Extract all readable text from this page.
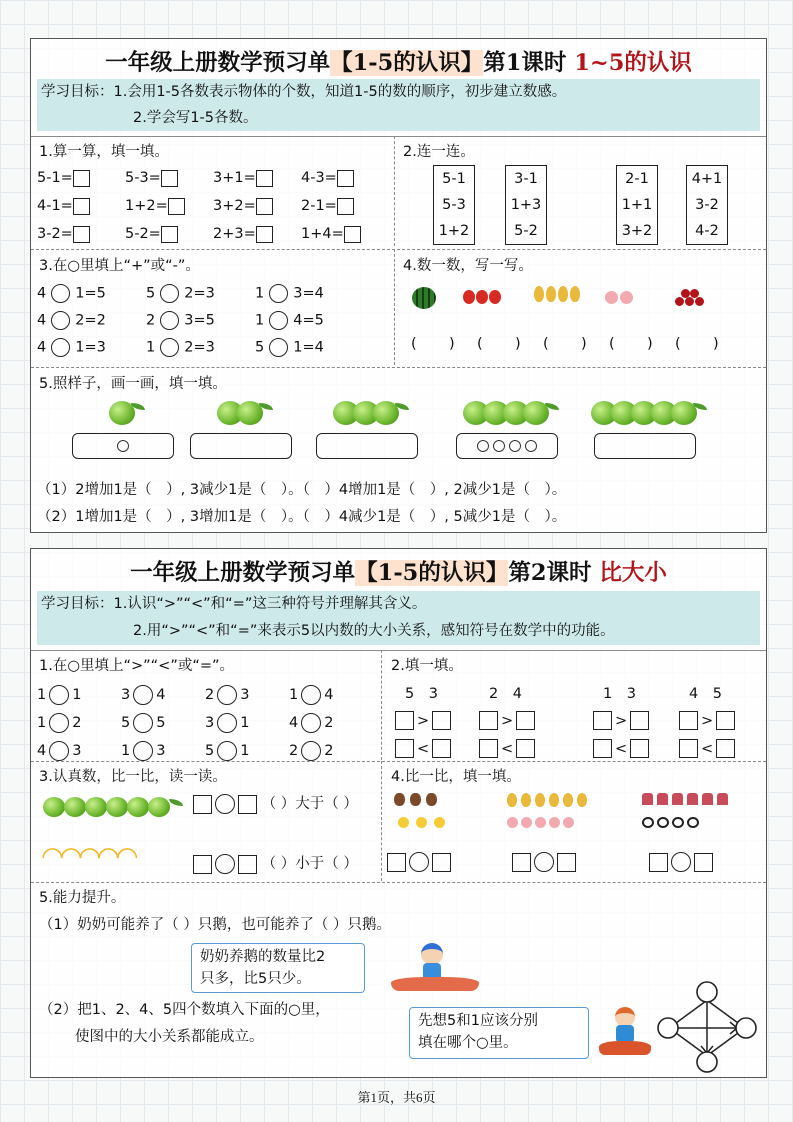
一年级上册数学预习单【1-5的认识】第1课时 1~5的认识
学习目标：1.会用1-5各数表示物体的个数，知道1-5的数的顺序，初步建立数感。
2.学会写1-5各数。
1.算一算，填一填。
5-1=	5-3=	3+1=	4-3=
4-1=	1+2=	3+2=	2-1=
3-2=	5-2=	2+3=	1+4=
2.连一连。
5-1
5-3
1+2
3-1
1+3
5-2
2-1
1+1
3+2
4+1
3-2
4-2
3.在○里填上“+”或“-”。
4 1=5	5 2=3	1 3=4
4 2=2	2 3=5	1 4=5
4 1=3	1 2=3	5 1=4
4.数一数，写一写。
( ) ( ) ( ) ( ) ( )
5.照样子，画一画，填一填。
（1）2增加1是（　）, 3减少1是（　）。（　）4增加1是（　）, 2减少1是（　）。
（2）1增加1是（　）, 3增加1是（　）。（　）4减少1是（　）, 5减少1是（　）。
一年级上册数学预习单【1-5的认识】第2课时 比大小
学习目标：1.认识“>”“<”和“=”这三种符号并理解其含义。
2.用“>”“<”和“=”来表示5以内数的大小关系，感知符号在数学中的功能。
1.在○里填上“>”“<”或“=”。
1 1	3 4	2 3	1 4
1 2	5 5	3 1	4 2
4 3	1 3	5 1	2 2
2.填一填。
5　3
>
<
2　4
>
<
1　3
>
<
4　5
>
<
3.认真数，比一比，读一读。
◠◠◠◠◠
（ ）大于（ ）
（ ）小于（ ）
4.比一比，填一填。

5.能力提升。
（1）奶奶可能养了（ ）只鹅，也可能养了（ ）只鹅。
奶奶养鹅的数量比2
只多，比5只少。
（2）把1、2、4、5四个数填入下面的○里，
使图中的大小关系都能成立。
先想5和1应该分别
填在哪个○里。
第1页，共6页
